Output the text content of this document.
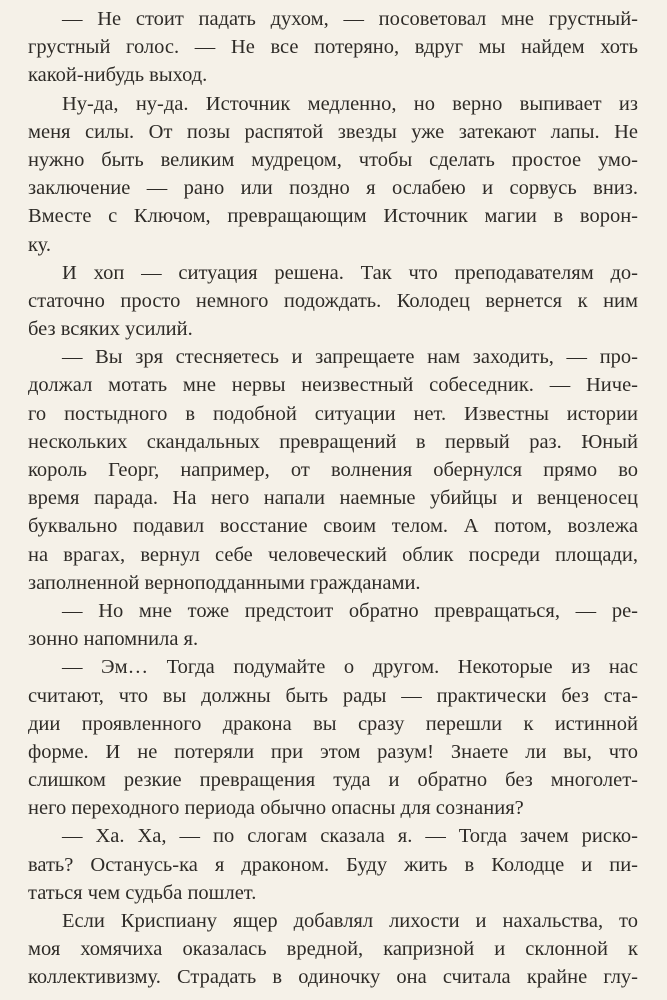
— Не стоит падать духом, — посоветовал мне грустный-
грустный голос. — Не все потеряно, вдруг мы найдем хоть
какой-нибудь выход.
Ну-да, ну-да. Источник медленно, но верно выпивает из
меня силы. От позы распятой звезды уже затекают лапы. Не
нужно быть великим мудрецом, чтобы сделать простое умо-
заключение — рано или поздно я ослабею и сорвусь вниз.
Вместе с Ключом, превращающим Источник магии в ворон-
ку.
И хоп — ситуация решена. Так что преподавателям до-
статочно просто немного подождать. Колодец вернется к ним
без всяких усилий.
— Вы зря стесняетесь и запрещаете нам заходить, — про-
должал мотать мне нервы неизвестный собеседник. — Ниче-
го постыдного в подобной ситуации нет. Известны истории
нескольких скандальных превращений в первый раз. Юный
король Георг, например, от волнения обернулся прямо во
время парада. На него напали наемные убийцы и венценосец
буквально подавил восстание своим телом. А потом, возлежа
на врагах, вернул себе человеческий облик посреди площади,
заполненной верноподданными гражданами.
— Но мне тоже предстоит обратно превращаться, — ре-
зонно напомнила я.
— Эм… Тогда подумайте о другом. Некоторые из нас
считают, что вы должны быть рады — практически без ста-
дии проявленного дракона вы сразу перешли к истинной
форме. И не потеряли при этом разум! Знаете ли вы, что
слишком резкие превращения туда и обратно без многолет-
него переходного периода обычно опасны для сознания?
— Ха. Ха, — по слогам сказала я. — Тогда зачем риско-
вать? Останусь-ка я драконом. Буду жить в Колодце и пи-
таться чем судьба пошлет.
Если Криспиану ящер добавлял лихости и нахальства, то
моя хомячиха оказалась вредной, капризной и склонной к
коллективизму. Страдать в одиночку она считала крайне глу-
